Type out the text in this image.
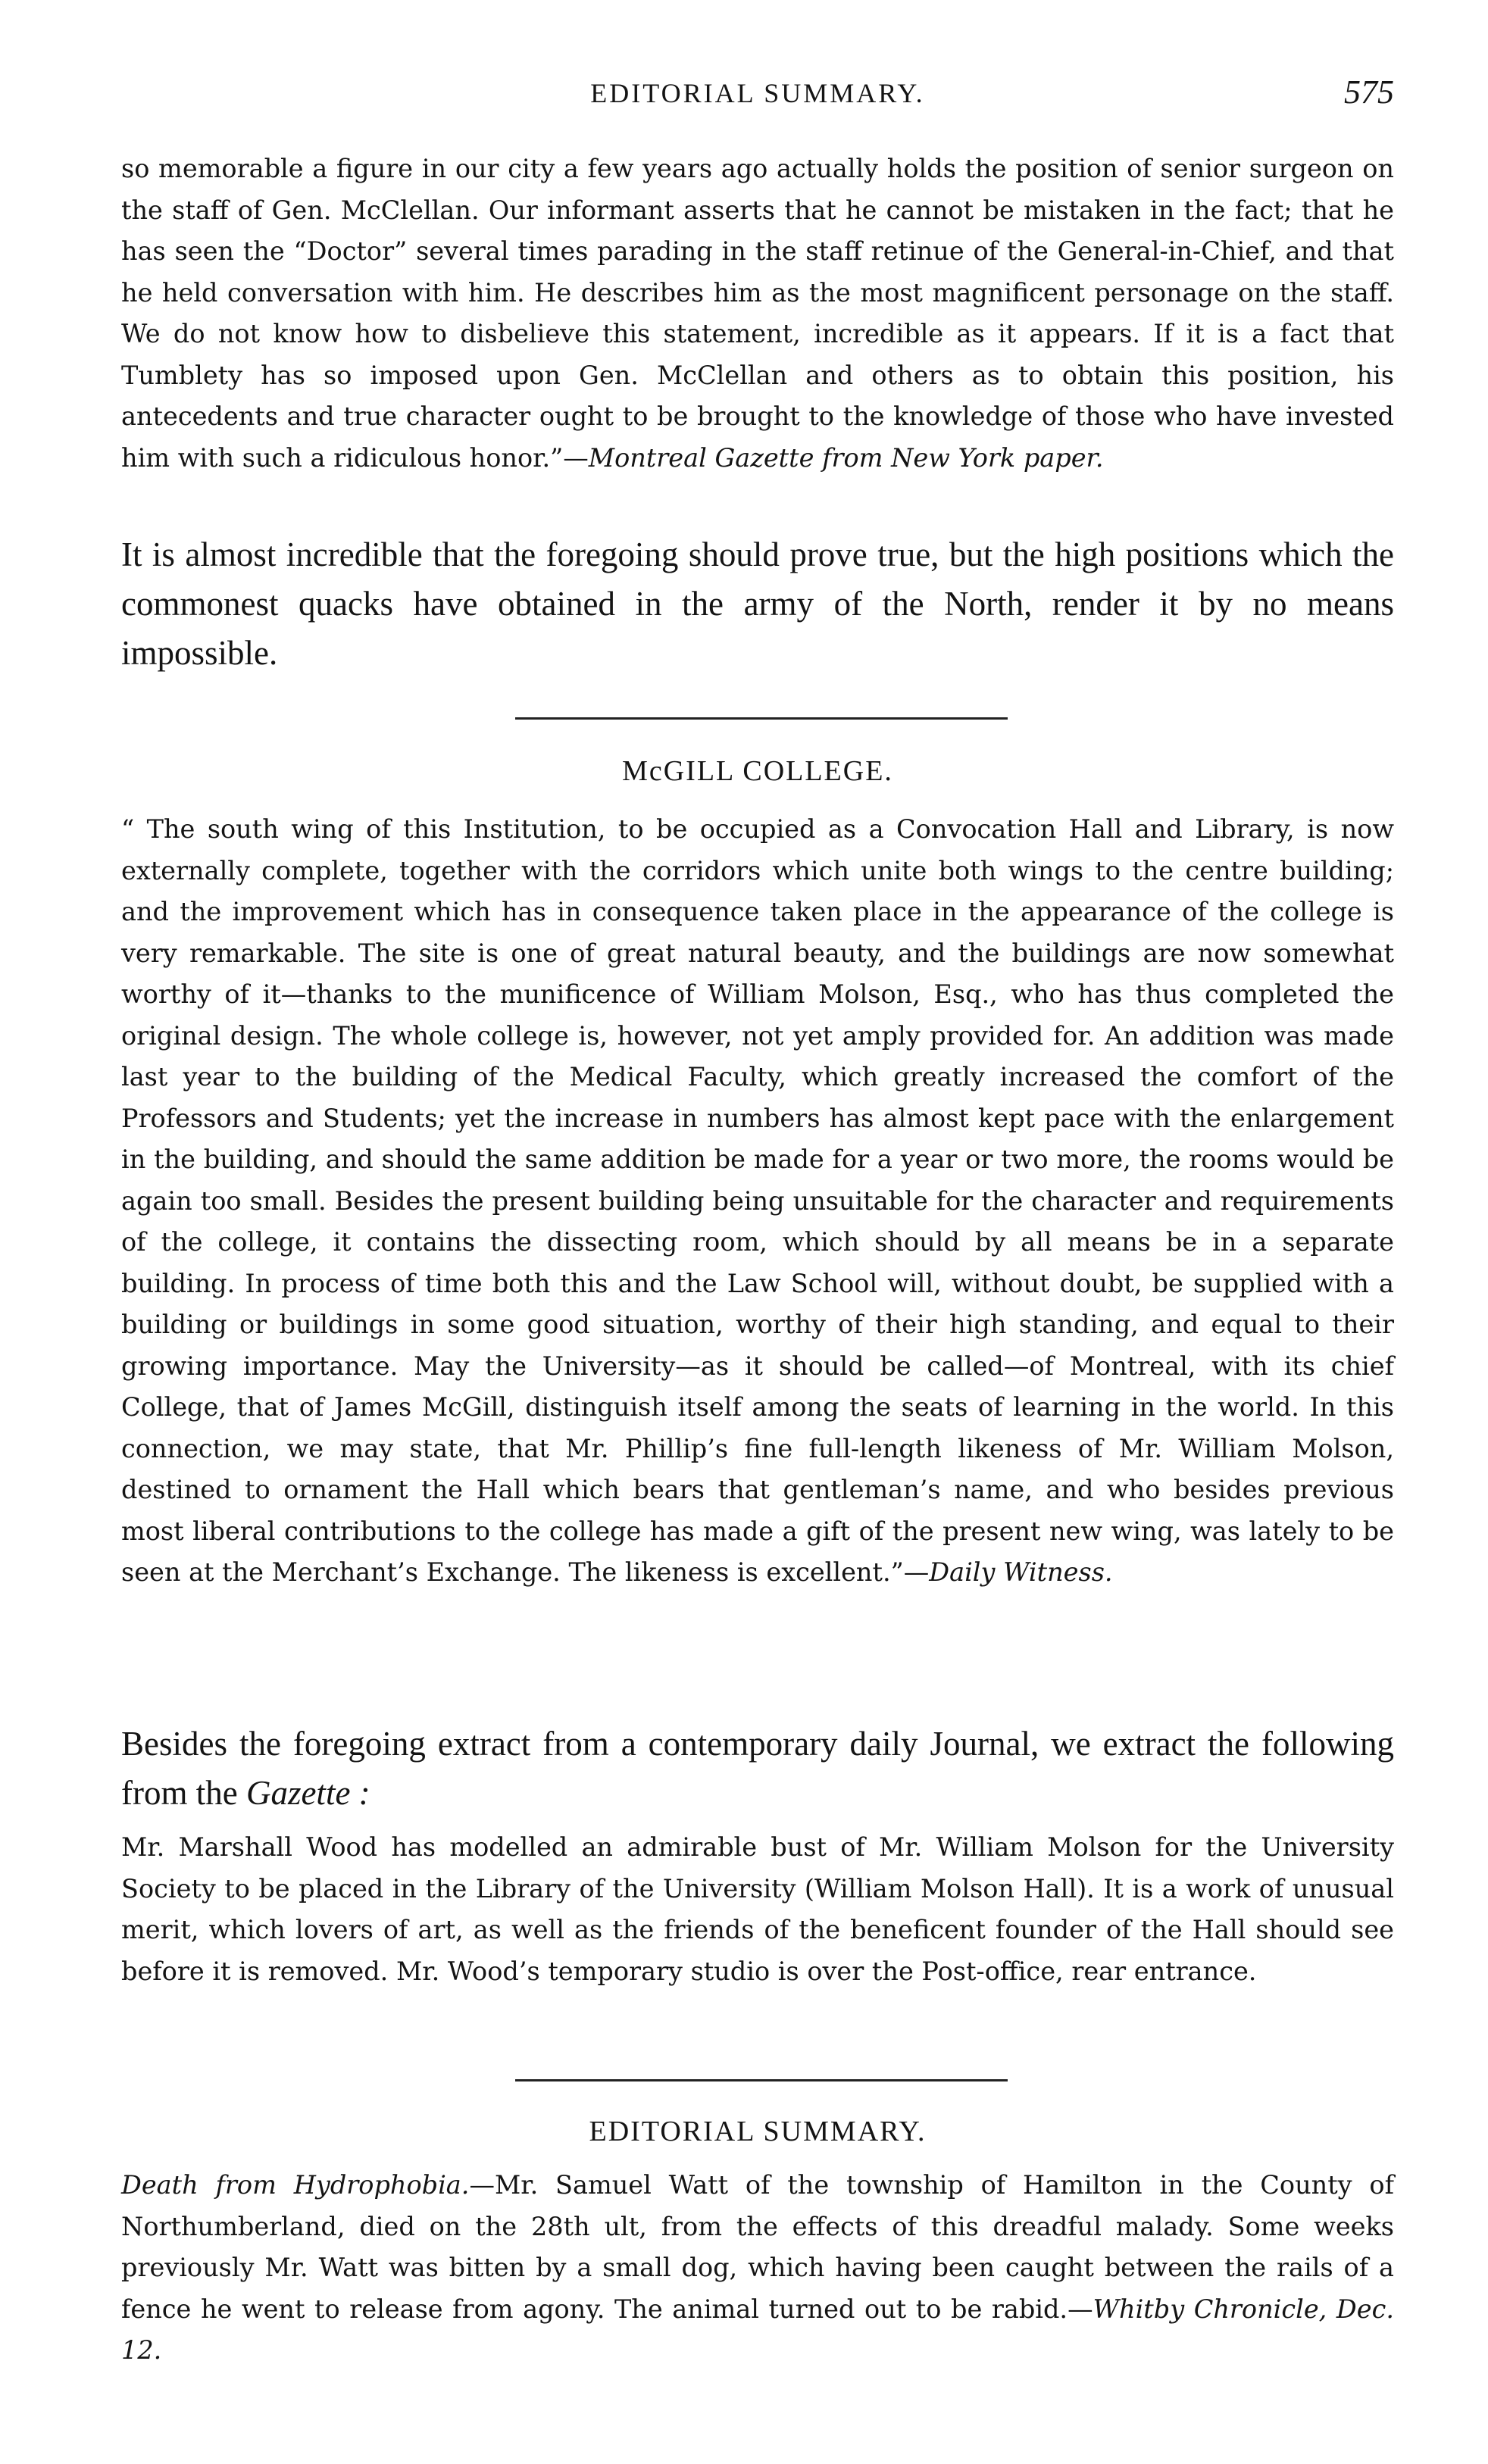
EDITORIAL SUMMARY.	575

so memorable a figure in our city a few years ago actually holds the position of senior surgeon on the staff of Gen. McClellan. Our informant asserts that he cannot be mistaken in the fact; that he has seen the “Doctor” several times parading in the staff retinue of the General-in-Chief, and that he held conversation with him. He describes him as the most magnificent personage on the staff. We do not know how to disbelieve this statement, incredible as it appears. If it is a fact that Tumblety has so imposed upon Gen. McClellan and others as to obtain this position, his antecedents and true character ought to be brought to the knowledge of those who have invested him with such a ridiculous honor.”—Montreal Gazette from New York paper.

It is almost incredible that the foregoing should prove true, but the high positions which the commonest quacks have obtained in the army of the North, render it by no means impossible.

McGILL COLLEGE.

“ The south wing of this Institution, to be occupied as a Convocation Hall and Library, is now externally complete, together with the corridors which unite both wings to the centre building; and the improvement which has in consequence taken place in the appearance of the college is very remarkable. The site is one of great natural beauty, and the buildings are now somewhat worthy of it—thanks to the munificence of William Molson, Esq., who has thus completed the original design. The whole college is, however, not yet amply provided for. An addition was made last year to the building of the Medical Faculty, which greatly increased the comfort of the Professors and Students; yet the increase in numbers has almost kept pace with the enlargement in the building, and should the same addition be made for a year or two more, the rooms would be again too small. Besides the present building being unsuitable for the character and requirements of the college, it contains the dissecting room, which should by all means be in a separate building. In process of time both this and the Law School will, without doubt, be supplied with a building or buildings in some good situation, worthy of their high standing, and equal to their growing importance. May the University—as it should be called—of Montreal, with its chief College, that of James McGill, distinguish itself among the seats of learning in the world. In this connection, we may state, that Mr. Phillip’s fine full-length likeness of Mr. William Molson, destined to ornament the Hall which bears that gentleman’s name, and who besides previous most liberal contributions to the college has made a gift of the present new wing, was lately to be seen at the Merchant’s Exchange. The likeness is excellent.”—Daily Witness.

Besides the foregoing extract from a contemporary daily Journal, we extract the following from the Gazette :

Mr. Marshall Wood has modelled an admirable bust of Mr. William Molson for the University Society to be placed in the Library of the University (William Molson Hall). It is a work of unusual merit, which lovers of art, as well as the friends of the beneficent founder of the Hall should see before it is removed. Mr. Wood’s temporary studio is over the Post-office, rear entrance.

EDITORIAL SUMMARY.

Death from Hydrophobia.—Mr. Samuel Watt of the township of Hamilton in the County of Northumberland, died on the 28th ult, from the effects of this dreadful malady. Some weeks previously Mr. Watt was bitten by a small dog, which having been caught between the rails of a fence he went to release from agony. The animal turned out to be rabid.—Whitby Chronicle, Dec. 12.
